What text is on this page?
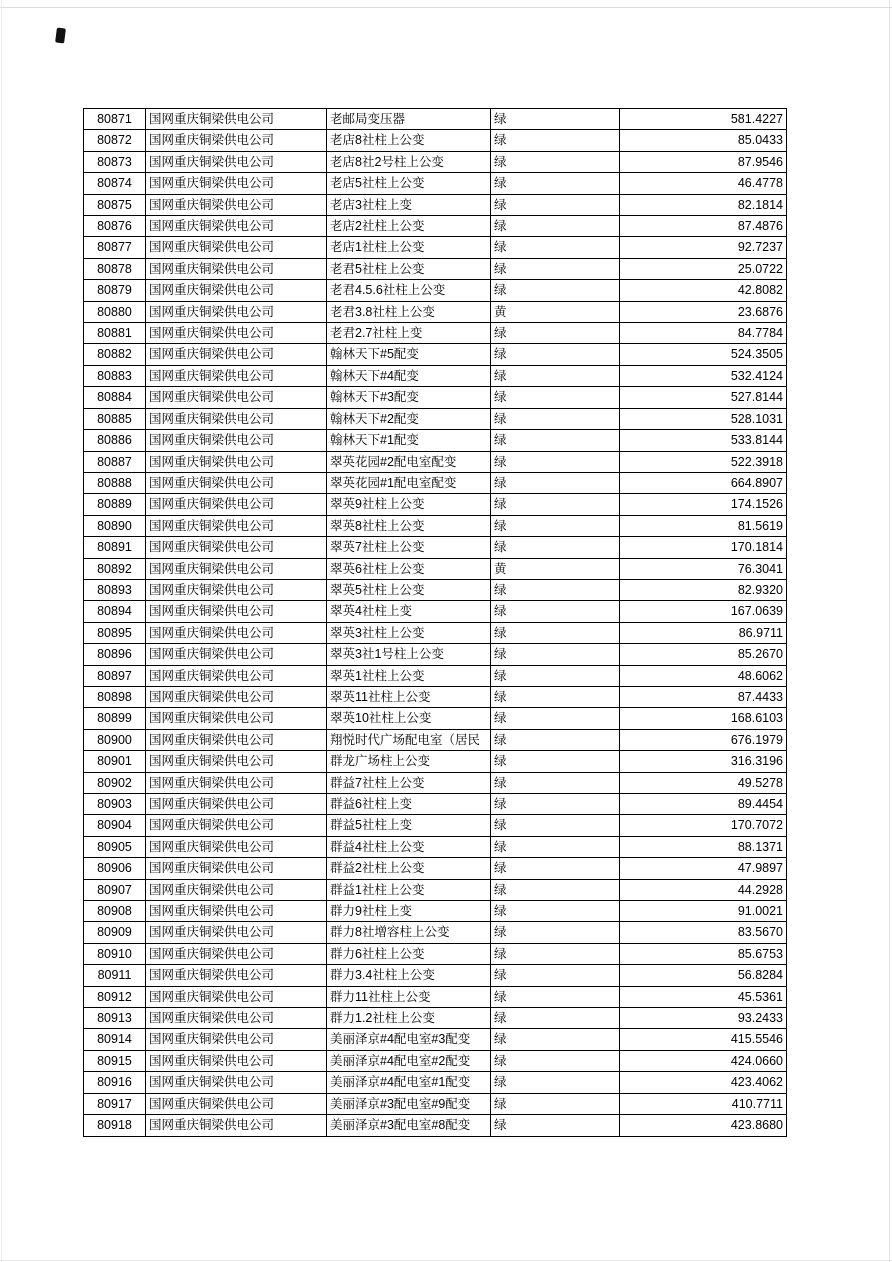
80871	国网重庆铜梁供电公司	老邮局变压器	绿	581.4227
80872	国网重庆铜梁供电公司	老店8社柱上公变	绿	85.0433
80873	国网重庆铜梁供电公司	老店8社2号柱上公变	绿	87.9546
80874	国网重庆铜梁供电公司	老店5社柱上公变	绿	46.4778
80875	国网重庆铜梁供电公司	老店3社柱上变	绿	82.1814
80876	国网重庆铜梁供电公司	老店2社柱上公变	绿	87.4876
80877	国网重庆铜梁供电公司	老店1社柱上公变	绿	92.7237
80878	国网重庆铜梁供电公司	老君5社柱上公变	绿	25.0722
80879	国网重庆铜梁供电公司	老君4.5.6社柱上公变	绿	42.8082
80880	国网重庆铜梁供电公司	老君3.8社柱上公变	黄	23.6876
80881	国网重庆铜梁供电公司	老君2.7社柱上变	绿	84.7784
80882	国网重庆铜梁供电公司	翰林天下#5配变	绿	524.3505
80883	国网重庆铜梁供电公司	翰林天下#4配变	绿	532.4124
80884	国网重庆铜梁供电公司	翰林天下#3配变	绿	527.8144
80885	国网重庆铜梁供电公司	翰林天下#2配变	绿	528.1031
80886	国网重庆铜梁供电公司	翰林天下#1配变	绿	533.8144
80887	国网重庆铜梁供电公司	翠英花园#2配电室配变	绿	522.3918
80888	国网重庆铜梁供电公司	翠英花园#1配电室配变	绿	664.8907
80889	国网重庆铜梁供电公司	翠英9社柱上公变	绿	174.1526
80890	国网重庆铜梁供电公司	翠英8社柱上公变	绿	81.5619
80891	国网重庆铜梁供电公司	翠英7社柱上公变	绿	170.1814
80892	国网重庆铜梁供电公司	翠英6社柱上公变	黄	76.3041
80893	国网重庆铜梁供电公司	翠英5社柱上公变	绿	82.9320
80894	国网重庆铜梁供电公司	翠英4社柱上变	绿	167.0639
80895	国网重庆铜梁供电公司	翠英3社柱上公变	绿	86.9711
80896	国网重庆铜梁供电公司	翠英3社1号柱上公变	绿	85.2670
80897	国网重庆铜梁供电公司	翠英1社柱上公变	绿	48.6062
80898	国网重庆铜梁供电公司	翠英11社柱上公变	绿	87.4433
80899	国网重庆铜梁供电公司	翠英10社柱上公变	绿	168.6103
80900	国网重庆铜梁供电公司	翔悦时代广场配电室（居民	绿	676.1979
80901	国网重庆铜梁供电公司	群龙广场柱上公变	绿	316.3196
80902	国网重庆铜梁供电公司	群益7社柱上公变	绿	49.5278
80903	国网重庆铜梁供电公司	群益6社柱上变	绿	89.4454
80904	国网重庆铜梁供电公司	群益5社柱上变	绿	170.7072
80905	国网重庆铜梁供电公司	群益4社柱上公变	绿	88.1371
80906	国网重庆铜梁供电公司	群益2社柱上公变	绿	47.9897
80907	国网重庆铜梁供电公司	群益1社柱上公变	绿	44.2928
80908	国网重庆铜梁供电公司	群力9社柱上变	绿	91.0021
80909	国网重庆铜梁供电公司	群力8社增容柱上公变	绿	83.5670
80910	国网重庆铜梁供电公司	群力6社柱上公变	绿	85.6753
80911	国网重庆铜梁供电公司	群力3.4社柱上公变	绿	56.8284
80912	国网重庆铜梁供电公司	群力11社柱上公变	绿	45.5361
80913	国网重庆铜梁供电公司	群力1.2社柱上公变	绿	93.2433
80914	国网重庆铜梁供电公司	美丽泽京#4配电室#3配变	绿	415.5546
80915	国网重庆铜梁供电公司	美丽泽京#4配电室#2配变	绿	424.0660
80916	国网重庆铜梁供电公司	美丽泽京#4配电室#1配变	绿	423.4062
80917	国网重庆铜梁供电公司	美丽泽京#3配电室#9配变	绿	410.7711
80918	国网重庆铜梁供电公司	美丽泽京#3配电室#8配变	绿	423.8680
